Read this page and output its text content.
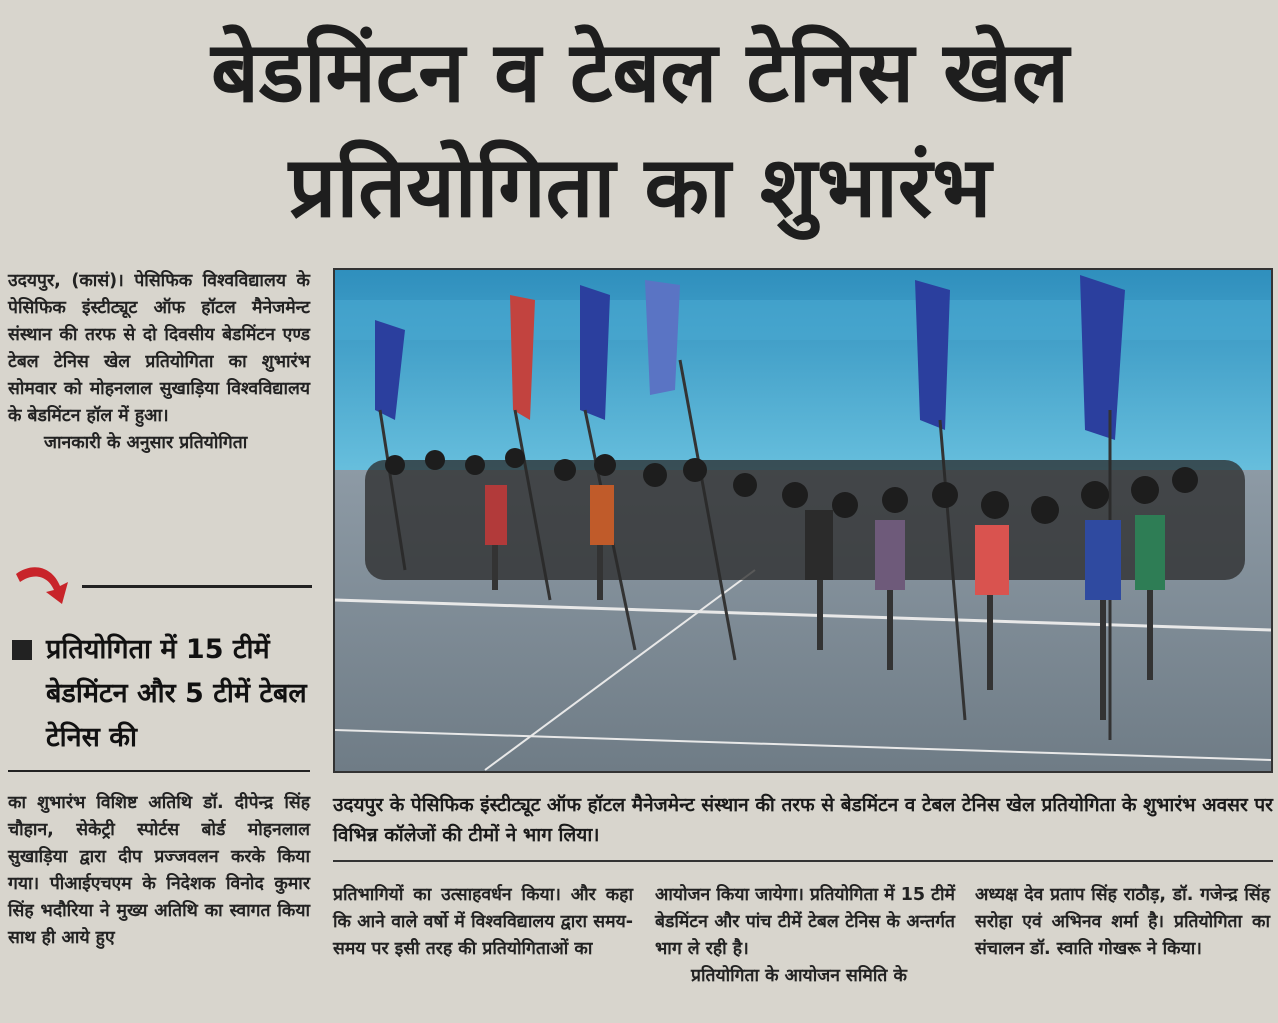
बेडमिंटन व टेबल टेनिस खेल
प्रतियोगिता का शुभारंभ

उदयपुर, (कासं)। पेसिफिक विश्वविद्यालय के पेसिफिक इंस्टीट्यूट ऑफ हॉटल मैनेजमेन्ट संस्थान की तरफ से दो दिवसीय बेडमिंटन एण्ड टेबल टेनिस खेल प्रतियोगिता का शुभारंभ सोमवार को मोहनलाल सुखाड़िया विश्वविद्यालय के बेडमिंटन हॉल में हुआ।

जानकारी के अनुसार प्रतियोगिता

प्रतियोगिता में 15 टीमें बेडमिंटन और 5 टीमें टेबल टेनिस की
का शुभारंभ विशिष्ट अतिथि डॉ. दीपेन्द्र सिंह चौहान, सेकेट्री स्पोर्टस बोर्ड मोहनलाल सुखाड़िया द्वारा दीप प्रज्जवलन करके किया गया। पीआईएचएम के निदेशक विनोद कुमार सिंह भदौरिया ने मुख्य अतिथि का स्वागत किया साथ ही आये हुए
उदयपुर के पेसिफिक इंस्टीट्यूट ऑफ हॉटल मैनेजमेन्ट संस्थान की तरफ से बेडमिंटन व टेबल टेनिस खेल प्रतियोगिता के शुभारंभ अवसर पर विभिन्न कॉलेजों की टीमों ने भाग लिया।
प्रतिभागियों का उत्साहवर्धन किया। और कहा कि आने वाले वर्षो में विश्वविद्यालय द्वारा समय-समय पर इसी तरह की प्रतियोगिताओं का

आयोजन किया जायेगा। प्रतियोगिता में 15 टीमें बेडमिंटन और पांच टीमें टेबल टेनिस के अन्तर्गत भाग ले रही है।

प्रतियोगिता के आयोजन समिति के

अध्यक्ष देव प्रताप सिंह राठौड़, डॉ. गजेन्द्र सिंह सरोहा एवं अभिनव शर्मा है। प्रतियोगिता का संचालन डॉ. स्वाति गोखरू ने किया।
